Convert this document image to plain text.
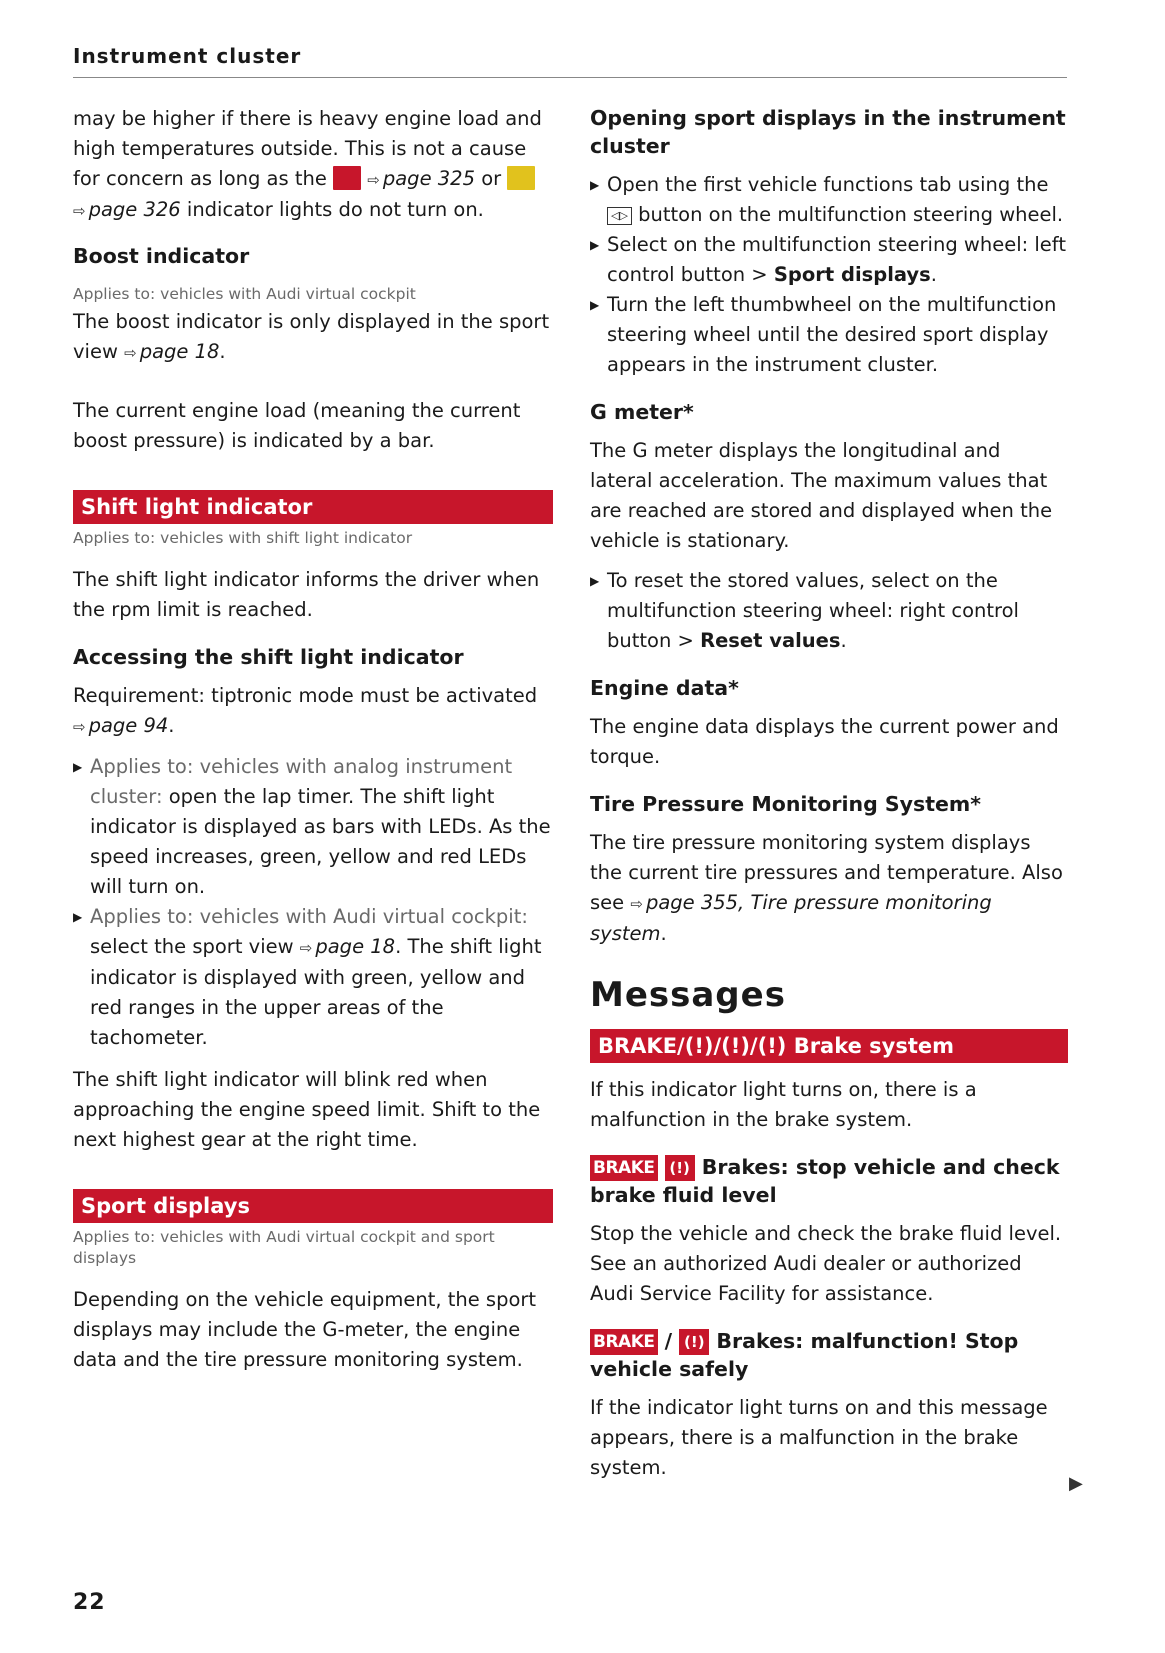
Instrument cluster

may be higher if there is heavy engine load and high temperatures outside. This is not a cause for concern as long as the	⇨ page 325 or
⇨ page 326 indicator lights do not turn on.

Boost indicator
Applies to: vehicles with Audi virtual cockpit

The boost indicator is only displayed in the sport view ⇨ page 18.

The current engine load (meaning the current boost pressure) is indicated by a bar.

Shift light indicator
Applies to: vehicles with shift light indicator

The shift light indicator informs the driver when the rpm limit is reached.

Accessing the shift light indicator

Requirement: tiptronic mode must be activated
⇨ page 94.

▶ Applies to: vehicles with analog instrument cluster: open the lap timer. The shift light indicator is displayed as bars with LEDs. As the speed increases, green, yellow and red LEDs will turn on.
▶ Applies to: vehicles with Audi virtual cockpit: select the sport view ⇨ page 18. The shift light indicator is displayed with green, yellow and red ranges in the upper areas of the tachometer.

The shift light indicator will blink red when approaching the engine speed limit. Shift to the next highest gear at the right time.

Sport displays
Applies to: vehicles with Audi virtual cockpit and sport displays

Depending on the vehicle equipment, the sport displays may include the G-meter, the engine data and the tire pressure monitoring system.

Opening sport displays in the instrument cluster
▶ Open the first vehicle functions tab using the ◁▷ button on the multifunction steering wheel.
▶ Select on the multifunction steering wheel: left control button > Sport displays.
▶ Turn the left thumbwheel on the multifunction steering wheel until the desired sport display appears in the instrument cluster.
G meter*

The G meter displays the longitudinal and lateral acceleration. The maximum values that are reached are stored and displayed when the vehicle is stationary.

▶ To reset the stored values, select on the multifunction steering wheel: right control button > Reset values.
Engine data*

The engine data displays the current power and torque.

Tire Pressure Monitoring System*

The tire pressure monitoring system displays the current tire pressures and temperature. Also see ⇨ page 355, Tire pressure monitoring system.

Messages
BRAKE/(!)/(!)/(!) Brake system

If this indicator light turns on, there is a malfunction in the brake system.

BRAKE (!) Brakes: stop vehicle and check brake fluid level

Stop the vehicle and check the brake fluid level. See an authorized Audi dealer or authorized Audi Service Facility for assistance.

BRAKE / (!) Brakes: malfunction! Stop vehicle safely

If the indicator light turns on and this message appears, there is a malfunction in the brake system.

▶
22
